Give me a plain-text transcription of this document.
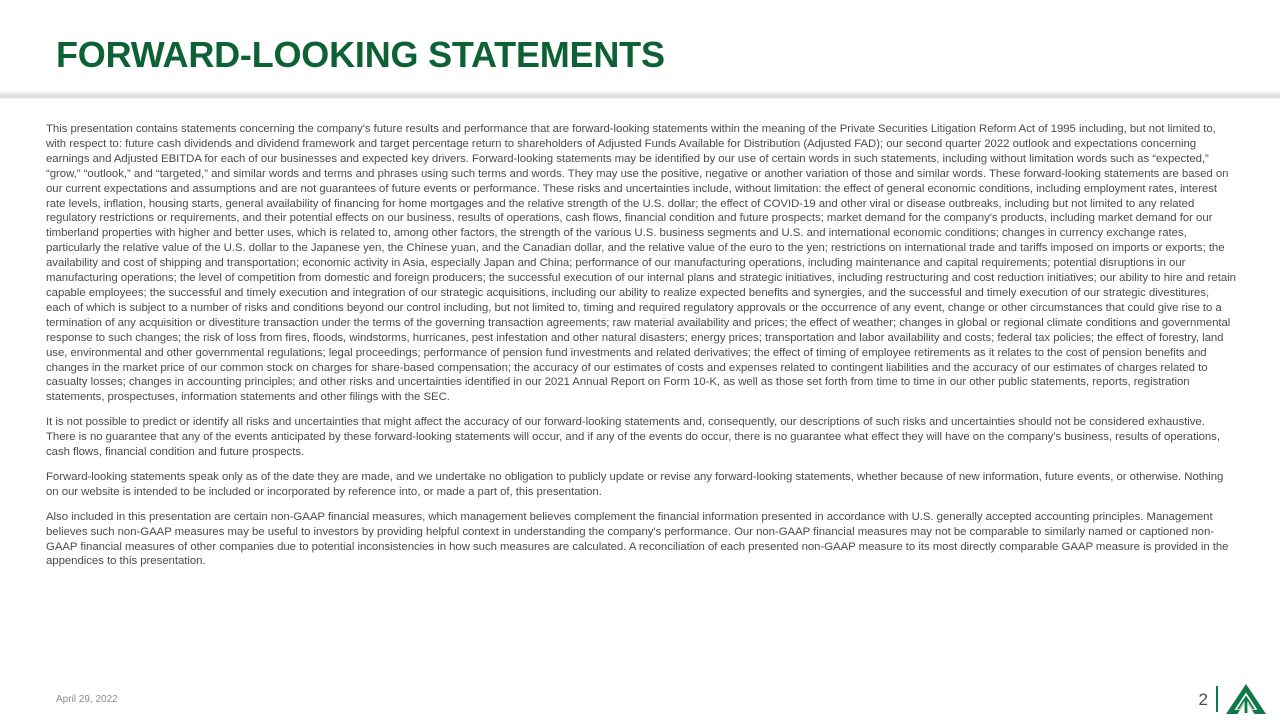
FORWARD-LOOKING STATEMENTS

This presentation contains statements concerning the company's future results and performance that are forward-looking statements within the meaning of the Private Securities Litigation Reform Act of 1995 including, but not limited to, with respect to: future cash dividends and dividend framework and target percentage return to shareholders of Adjusted Funds Available for Distribution (Adjusted FAD); our second quarter 2022 outlook and expectations concerning earnings and Adjusted EBITDA for each of our businesses and expected key drivers. Forward-looking statements may be identified by our use of certain words in such statements, including without limitation words such as “expected,” “grow,” “outlook,” and “targeted,” and similar words and terms and phrases using such terms and words. They may use the positive, negative or another variation of those and similar words. These forward-looking statements are based on our current expectations and assumptions and are not guarantees of future events or performance. These risks and uncertainties include, without limitation: the effect of general economic conditions, including employment rates, interest rate levels, inflation, housing starts, general availability of financing for home mortgages and the relative strength of the U.S. dollar; the effect of COVID-19 and other viral or disease outbreaks, including but not limited to any related regulatory restrictions or requirements, and their potential effects on our business, results of operations, cash flows, financial condition and future prospects; market demand for the company's products, including market demand for our timberland properties with higher and better uses, which is related to, among other factors, the strength of the various U.S. business segments and U.S. and international economic conditions; changes in currency exchange rates, particularly the relative value of the U.S. dollar to the Japanese yen, the Chinese yuan, and the Canadian dollar, and the relative value of the euro to the yen; restrictions on international trade and tariffs imposed on imports or exports; the availability and cost of shipping and transportation; economic activity in Asia, especially Japan and China; performance of our manufacturing operations, including maintenance and capital requirements; potential disruptions in our manufacturing operations; the level of competition from domestic and foreign producers; the successful execution of our internal plans and strategic initiatives, including restructuring and cost reduction initiatives; our ability to hire and retain capable employees; the successful and timely execution and integration of our strategic acquisitions, including our ability to realize expected benefits and synergies, and the successful and timely execution of our strategic divestitures, each of which is subject to a number of risks and conditions beyond our control including, but not limited to, timing and required regulatory approvals or the occurrence of any event, change or other circumstances that could give rise to a termination of any acquisition or divestiture transaction under the terms of the governing transaction agreements; raw material availability and prices; the effect of weather; changes in global or regional climate conditions and governmental response to such changes; the risk of loss from fires, floods, windstorms, hurricanes, pest infestation and other natural disasters; energy prices; transportation and labor availability and costs; federal tax policies; the effect of forestry, land use, environmental and other governmental regulations; legal proceedings; performance of pension fund investments and related derivatives; the effect of timing of employee retirements as it relates to the cost of pension benefits and changes in the market price of our common stock on charges for share-based compensation; the accuracy of our estimates of costs and expenses related to contingent liabilities and the accuracy of our estimates of charges related to casualty losses; changes in accounting principles; and other risks and uncertainties identified in our 2021 Annual Report on Form 10-K, as well as those set forth from time to time in our other public statements, reports, registration statements, prospectuses, information statements and other filings with the SEC.

It is not possible to predict or identify all risks and uncertainties that might affect the accuracy of our forward-looking statements and, consequently, our descriptions of such risks and uncertainties should not be considered exhaustive. There is no guarantee that any of the events anticipated by these forward-looking statements will occur, and if any of the events do occur, there is no guarantee what effect they will have on the company's business, results of operations, cash flows, financial condition and future prospects.

Forward-looking statements speak only as of the date they are made, and we undertake no obligation to publicly update or revise any forward-looking statements, whether because of new information, future events, or otherwise. Nothing on our website is intended to be included or incorporated by reference into, or made a part of, this presentation.

Also included in this presentation are certain non-GAAP financial measures, which management believes complement the financial information presented in accordance with U.S. generally accepted accounting principles. Management believes such non-GAAP measures may be useful to investors by providing helpful context in understanding the company's performance. Our non-GAAP financial measures may not be comparable to similarly named or captioned non-GAAP financial measures of other companies due to potential inconsistencies in how such measures are calculated. A reconciliation of each presented non-GAAP measure to its most directly comparable GAAP measure is provided in the appendices to this presentation.

April 29, 2022	2
